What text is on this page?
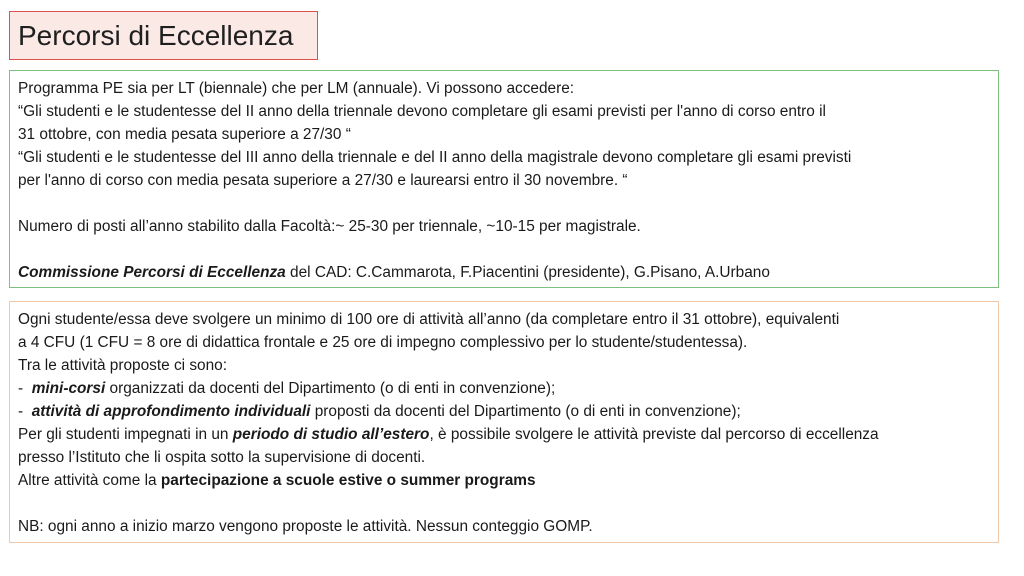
Percorsi di Eccellenza
Programma PE sia per LT (biennale) che per LM (annuale). Vi possono accedere:
“Gli studenti e le studentesse del II anno della triennale devono completare gli esami previsti per l'anno di corso entro il
31 ottobre, con media pesata superiore a 27/30 “
“Gli studenti e le studentesse del III anno della triennale e del II anno della magistrale devono completare gli esami previsti
per l'anno di corso con media pesata superiore a 27/30 e laurearsi entro il 30 novembre. “
Numero di posti all’anno stabilito dalla Facoltà:~ 25-30 per triennale, ~10-15 per magistrale.
Commissione Percorsi di Eccellenza del CAD: C.Cammarota, F.Piacentini (presidente), G.Pisano, A.Urbano
Ogni studente/essa deve svolgere un minimo di 100 ore di attività all’anno (da completare entro il 31 ottobre), equivalenti
a 4 CFU (1 CFU = 8 ore di didattica frontale e 25 ore di impegno complessivo per lo studente/studentessa).
Tra le attività proposte ci sono:
-  mini-corsi organizzati da docenti del Dipartimento (o di enti in convenzione);
-  attività di approfondimento individuali proposti da docenti del Dipartimento (o di enti in convenzione);
Per gli studenti impegnati in un periodo di studio all’estero, è possibile svolgere le attività previste dal percorso di eccellenza
presso l’Istituto che li ospita sotto la supervisione di docenti.
Altre attività come la partecipazione a scuole estive o summer programs
NB: ogni anno a inizio marzo vengono proposte le attività. Nessun conteggio GOMP.
